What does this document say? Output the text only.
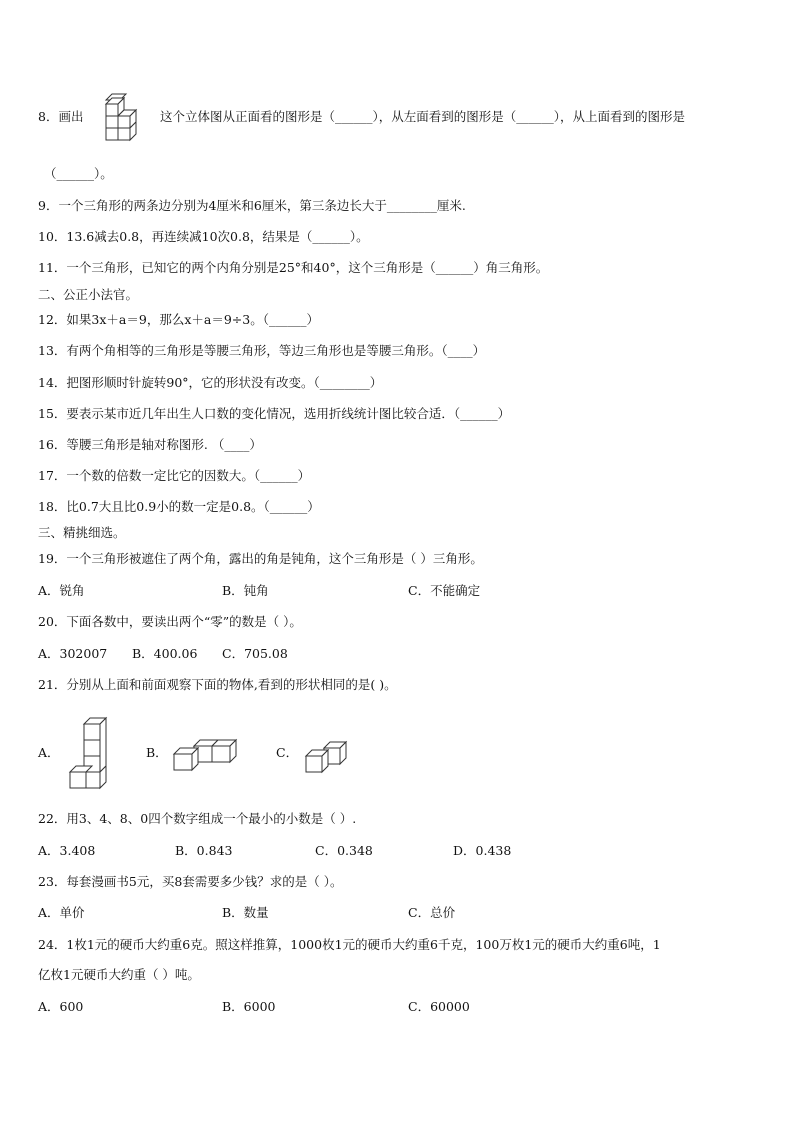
8．画出	这个立体图从正面看的图形是（______），从左面看到的图形是（______），从上面看到的图形是
（______）。
9．一个三角形的两条边分别为4厘米和6厘米，第三条边长大于________厘米.
10．13.6减去0.8，再连续减10次0.8，结果是（______）。
11．一个三角形，已知它的两个内角分别是25°和40°，这个三角形是（______）角三角形。
二、公正小法官。
12．如果3x＋a＝9，那么x＋a＝9÷3。（______）
13．有两个角相等的三角形是等腰三角形，等边三角形也是等腰三角形。（____）
14．把图形顺时针旋转90°，它的形状没有改变。（________）
15．要表示某市近几年出生人口数的变化情况，选用折线统计图比较合适．（______）
16．等腰三角形是轴对称图形. （____）
17．一个数的倍数一定比它的因数大。（______）
18．比0.7大且比0.9小的数一定是0.8。（______）
三、精挑细选。
19．一个三角形被遮住了两个角，露出的角是钝角，这个三角形是（ ）三角形。
A．锐角	B．钝角	C．不能确定
20．下面各数中，要读出两个“零”的数是（ ）。
A．302007 B．400.06 C．705.08
21．分别从上面和前面观察下面的物体,看到的形状相同的是( )。
A．	B．	C．
22．用3、4、8、0四个数字组成一个最小的小数是（ ）.
A．3.408	B．0.843	C．0.348	D．0.438
23．每套漫画书5元，买8套需要多少钱？求的是（ ）。
A．单价	B．数量	C．总价
24．1枚1元的硬币大约重6克。照这样推算，1000枚1元的硬币大约重6千克，100万枚1元的硬币大约重6吨，1
亿枚1元硬币大约重（ ）吨。
A．600	B．6000	C．60000
